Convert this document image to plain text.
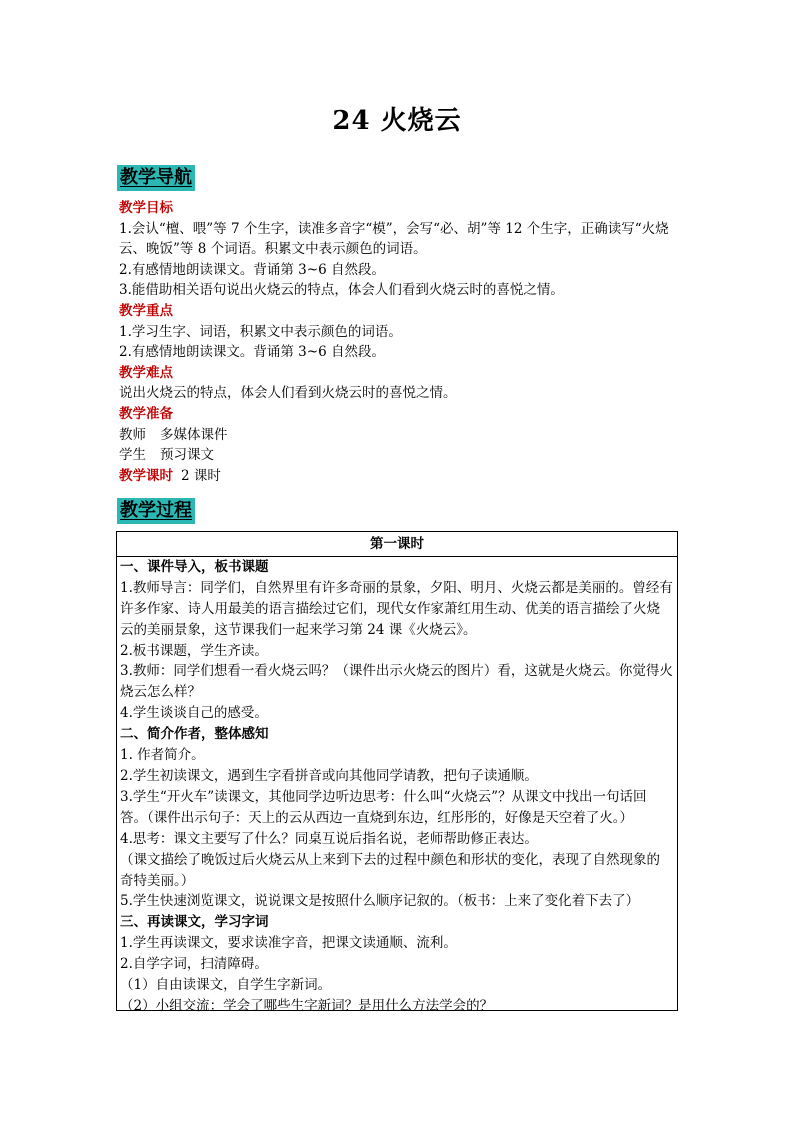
24 火烧云
教学导航

教学目标

1.会认“檀、喂”等 7 个生字，读准多音字“模”，会写“必、胡”等 12 个生字，正确读写“火烧云、晚饭”等 8 个词语。积累文中表示颜色的词语。

2.有感情地朗读课文。背诵第 3~6 自然段。

3.能借助相关语句说出火烧云的特点，体会人们看到火烧云时的喜悦之情。

教学重点

1.学习生字、词语，积累文中表示颜色的词语。

2.有感情地朗读课文。背诵第 3~6 自然段。

教学难点

说出火烧云的特点，体会人们看到火烧云时的喜悦之情。

教学准备

教师 多媒体课件

学生 预习课文

教学课时 2 课时

教学过程

第一课时

一、课件导入，板书课题

1.教师导言：同学们，自然界里有许多奇丽的景象，夕阳、明月、火烧云都是美丽的。曾经有许多作家、诗人用最美的语言描绘过它们，现代女作家萧红用生动、优美的语言描绘了火烧云的美丽景象，这节课我们一起来学习第 24 课《火烧云》。

2.板书课题，学生齐读。

3.教师：同学们想看一看火烧云吗？（课件出示火烧云的图片）看，这就是火烧云。你觉得火烧云怎么样？

4.学生谈谈自己的感受。

二、简介作者，整体感知

1. 作者简介。

2.学生初读课文，遇到生字看拼音或向其他同学请教，把句子读通顺。

3.学生“开火车”读课文，其他同学边听边思考：什么叫“火烧云”？从课文中找出一句话回答。（课件出示句子：天上的云从西边一直烧到东边，红彤彤的，好像是天空着了火。）

4.思考：课文主要写了什么？同桌互说后指名说，老师帮助修正表达。

（课文描绘了晚饭过后火烧云从上来到下去的过程中颜色和形状的变化，表现了自然现象的奇特美丽。）

5.学生快速浏览课文，说说课文是按照什么顺序记叙的。（板书：上来了变化着下去了）

三、再读课文，学习字词

1.学生再读课文，要求读准字音，把课文读通顺、流利。

2.自学字词，扫清障碍。

（1）自由读课文，自学生字新词。

（2）小组交流：学会了哪些生字新词？是用什么方法学会的？
